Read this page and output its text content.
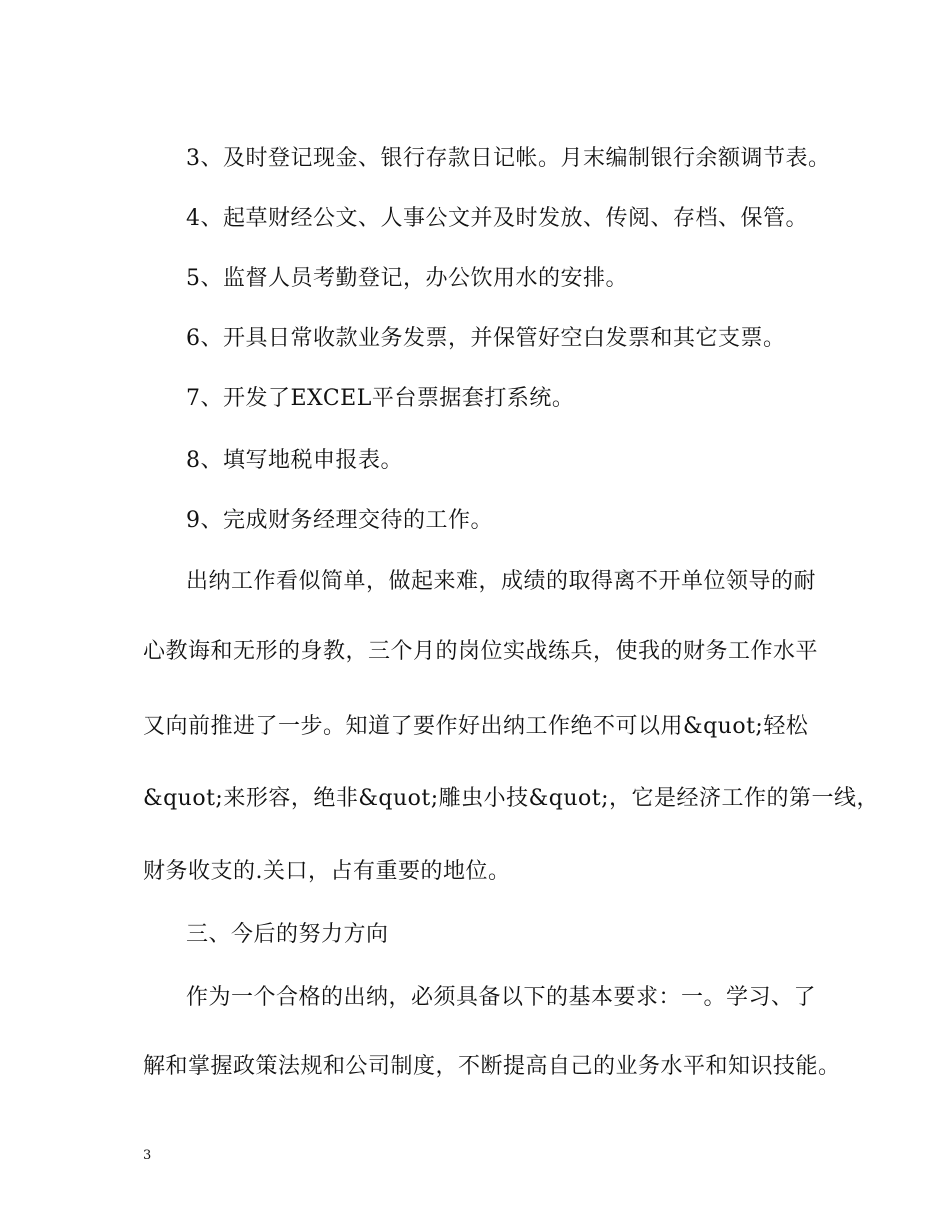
3、及时登记现金、银行存款日记帐。月末编制银行余额调节表。
4、起草财经公文、人事公文并及时发放、传阅、存档、保管。
5、监督人员考勤登记，办公饮用水的安排。
6、开具日常收款业务发票，并保管好空白发票和其它支票。
7、开发了EXCEL平台票据套打系统。
8、填写地税申报表。
9、完成财务经理交待的工作。
出纳工作看似简单，做起来难，成绩的取得离不开单位领导的耐
心教诲和无形的身教，三个月的岗位实战练兵，使我的财务工作水平
又向前推进了一步。知道了要作好出纳工作绝不可以用&quot;轻松
&quot;来形容，绝非&quot;雕虫小技&quot;，它是经济工作的第一线，
财务收支的.关口，占有重要的地位。
三、今后的努力方向
作为一个合格的出纳，必须具备以下的基本要求：一。学习、了
解和掌握政策法规和公司制度，不断提高自己的业务水平和知识技能。
3
